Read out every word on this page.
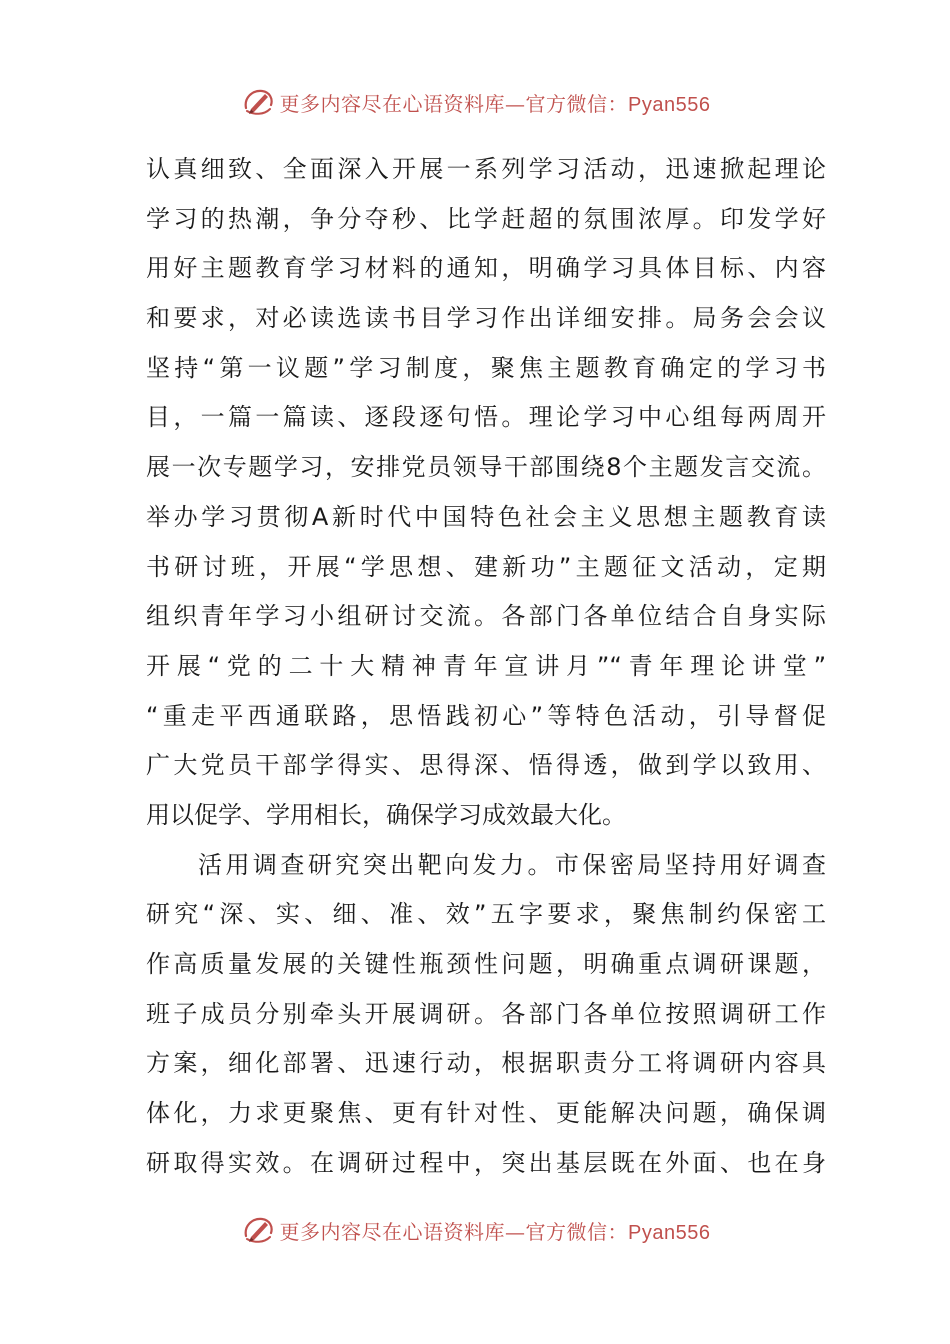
更多内容尽在心语资料库—官方微信：Pyan556
认真细致、全面深入开展一系列学习活动，迅速掀起理论
学习的热潮，争分夺秒、比学赶超的氛围浓厚。印发学好
用好主题教育学习材料的通知，明确学习具体目标、内容
和要求，对必读选读书目学习作出详细安排。局务会会议
坚持“第一议题”学习制度，聚焦主题教育确定的学习书
目，一篇一篇读、逐段逐句悟。理论学习中心组每两周开
展一次专题学习，安排党员领导干部围绕8个主题发言交流。
举办学习贯彻A新时代中国特色社会主义思想主题教育读
书研讨班，开展“学思想、建新功”主题征文活动，定期
组织青年学习小组研讨交流。各部门各单位结合自身实际
开展“党的二十大精神青年宣讲月”“青年理论讲堂”
“重走平西通联路，思悟践初心”等特色活动，引导督促
广大党员干部学得实、思得深、悟得透，做到学以致用、
用以促学、学用相长，确保学习成效最大化。
活用调查研究突出靶向发力。市保密局坚持用好调查
研究“深、实、细、准、效”五字要求，聚焦制约保密工
作高质量发展的关键性瓶颈性问题，明确重点调研课题，
班子成员分别牵头开展调研。各部门各单位按照调研工作
方案，细化部署、迅速行动，根据职责分工将调研内容具
体化，力求更聚焦、更有针对性、更能解决问题，确保调
研取得实效。在调研过程中，突出基层既在外面、也在身
更多内容尽在心语资料库—官方微信：Pyan556
